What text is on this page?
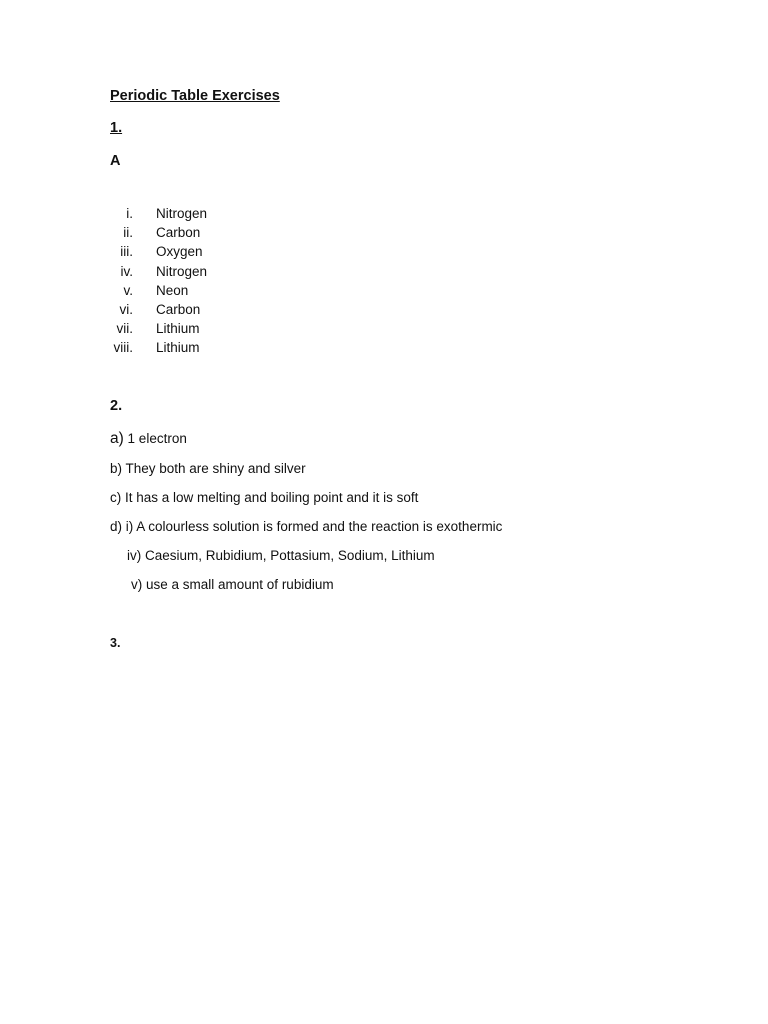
Periodic Table Exercises
1.
A
i. Nitrogen
ii. Carbon
iii. Oxygen
iv. Nitrogen
v. Neon
vi. Carbon
vii. Lithium
viii. Lithium
2.
a) 1 electron
b) They both are shiny and silver
c) It has a low melting and boiling point and it is soft
d) i) A colourless solution is formed and the reaction is exothermic
iv) Caesium, Rubidium, Pottasium, Sodium, Lithium
v) use a small amount of rubidium
3.
